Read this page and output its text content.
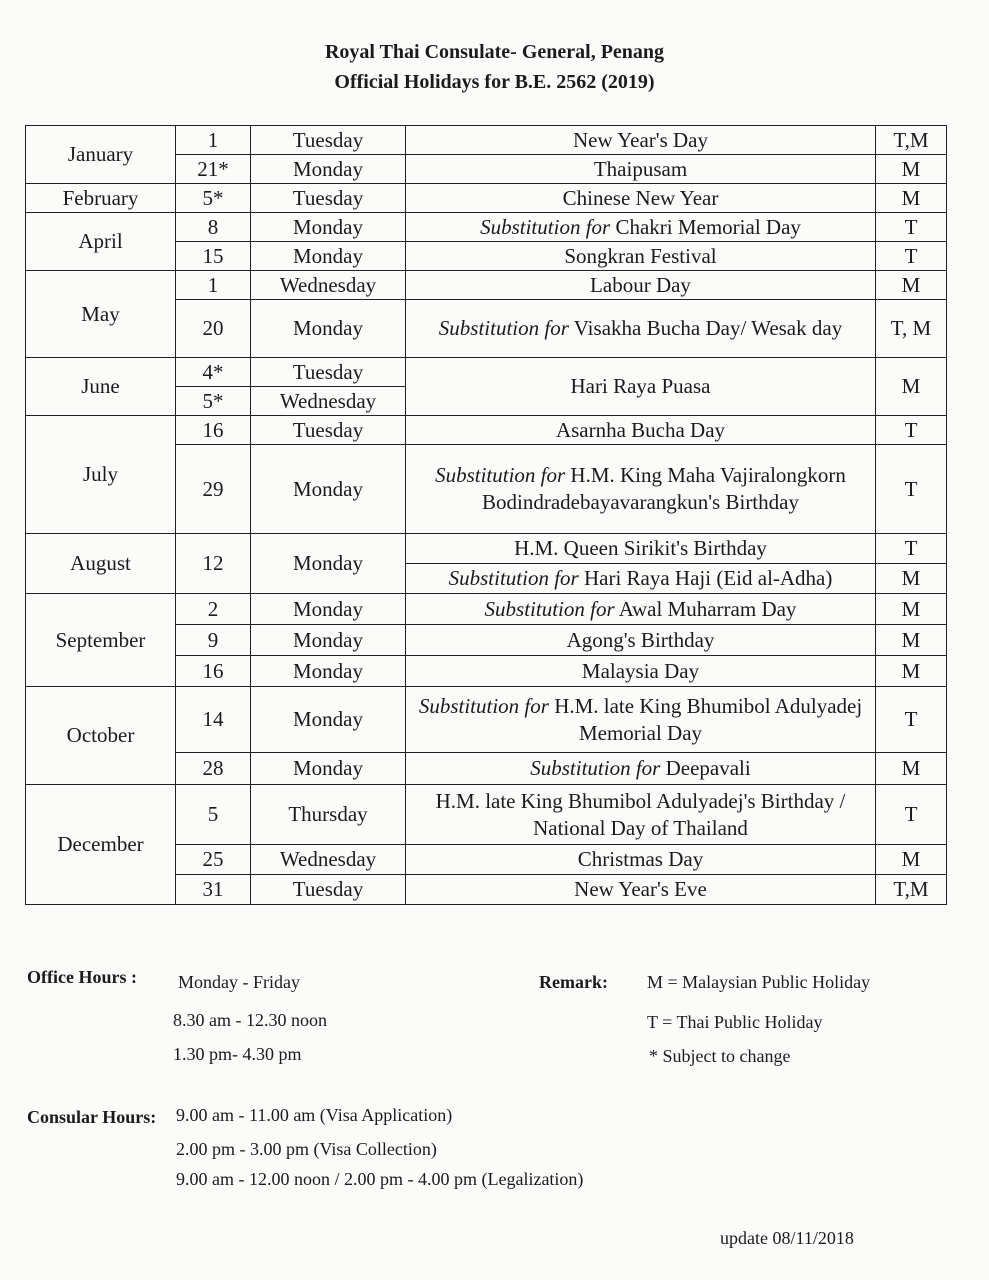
Royal Thai Consulate- General, Penang
Official Holidays for B.E. 2562 (2019)
January	1	Tuesday	New Year's Day	T,M
	21*	Monday	Thaipusam	M
February	5*	Tuesday	Chinese New Year	M
April	8	Monday	Substitution for Chakri Memorial Day	T
	15	Monday	Songkran Festival	T
May	1	Wednesday	Labour Day	M
	20	Monday	Substitution for Visakha Bucha Day/ Wesak day	T, M
June	4*	Tuesday	Hari Raya Puasa	M
	5*	Wednesday		
July	16	Tuesday	Asarnha Bucha Day	T
	29	Monday	Substitution for H.M. King Maha Vajiralongkorn Bodindradebayavarangkun's Birthday	T
August	12	Monday	H.M. Queen Sirikit's Birthday	T
			Substitution for Hari Raya Haji (Eid al-Adha)	M
September	2	Monday	Substitution for Awal Muharram Day	M
	9	Monday	Agong's Birthday	M
	16	Monday	Malaysia Day	M
October	14	Monday	Substitution for H.M. late King Bhumibol Adulyadej Memorial Day	T
	28	Monday	Substitution for Deepavali	M
December	5	Thursday	H.M. late King Bhumibol Adulyadej's Birthday / National Day of Thailand	T
	25	Wednesday	Christmas Day	M
	31	Tuesday	New Year's Eve	T,M
Office Hours : Monday - Friday
8.30 am - 12.30 noon
1.30 pm- 4.30 pm
Remark: M = Malaysian Public Holiday
T = Thai Public Holiday
* Subject to change
Consular Hours: 9.00 am - 11.00 am (Visa Application)
2.00 pm - 3.00 pm (Visa Collection)
9.00 am - 12.00 noon / 2.00 pm - 4.00 pm (Legalization)
update 08/11/2018
